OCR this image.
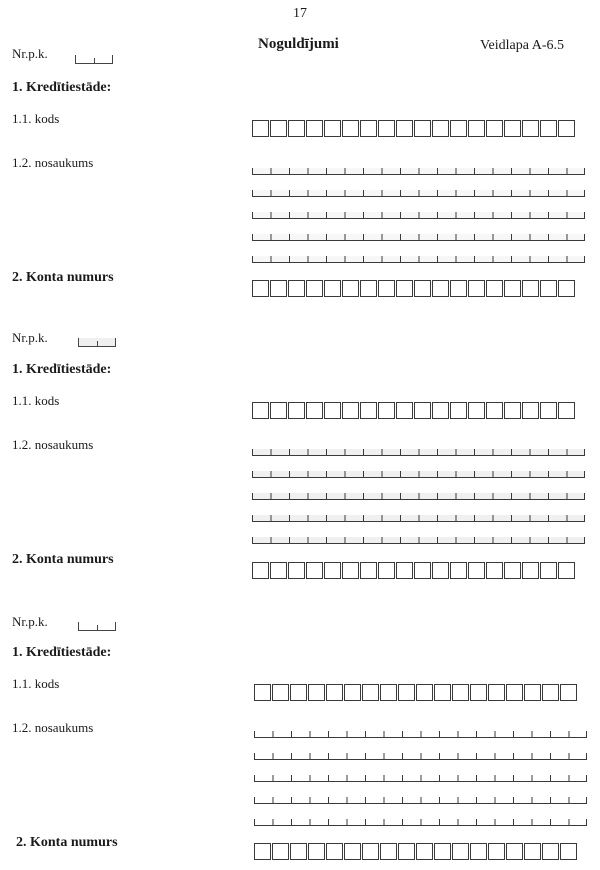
17
Noguldījumi	Veidlapa A-6.5
Nr.p.k.
1. Kredītiestāde:
1.1. kods
1.2. nosaukums
2. Konta numurs
Nr.p.k.
1. Kredītiestāde:
1.1. kods
1.2. nosaukums
2. Konta numurs
Nr.p.k.
1. Kredītiestāde:
1.1. kods
1.2. nosaukums
2. Konta numurs
